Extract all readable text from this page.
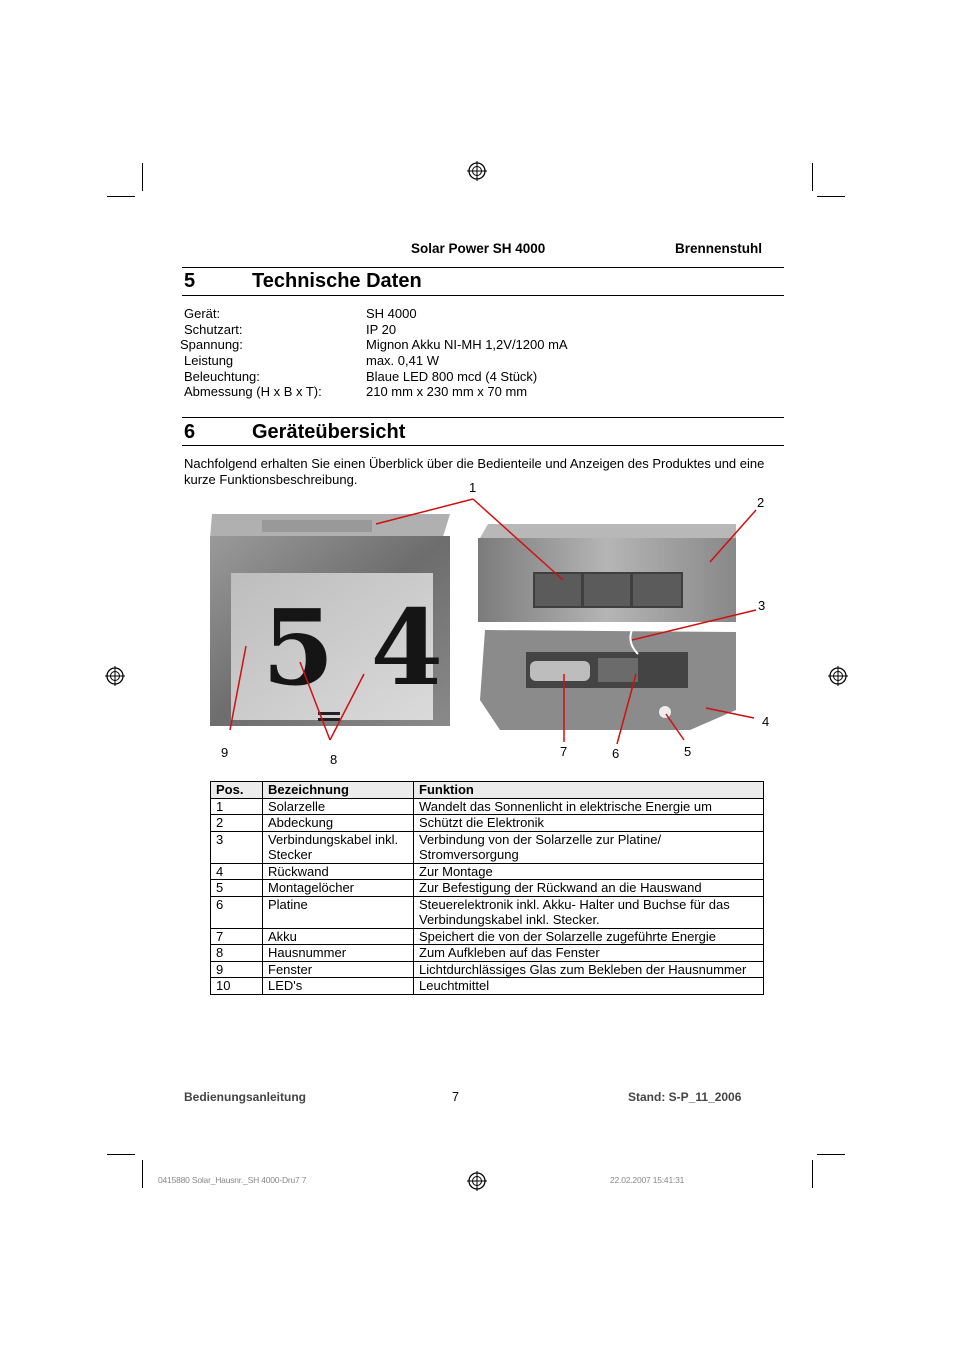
Solar Power SH 4000	Brennenstuhl
5	Technische Daten
Gerät:	SH 4000
Schutzart:	IP 20
Spannung:	Mignon Akku NI-MH 1,2V/1200 mA
Leistung	max. 0,41 W
Beleuchtung:	Blaue LED 800 mcd (4 Stück)
Abmessung (H x B x T):	210 mm x 230 mm x 70 mm
6	Geräteübersicht
Nachfolgend erhalten Sie einen Überblick über die Bedienteile und Anzeigen des Produktes und eine kurze Funktionsbeschreibung.
5 4
1
2
3
4
5
6
7
8
9
Pos.	Bezeichnung	Funktion
1	Solarzelle	Wandelt das Sonnenlicht in elektrische Energie um
2	Abdeckung	Schützt die Elektronik
3	Verbindungskabel inkl. Stecker	Verbindung von der Solarzelle zur Platine/ Stromversorgung
4	Rückwand	Zur Montage
5	Montagelöcher	Zur Befestigung der Rückwand an die Hauswand
6	Platine	Steuerelektronik inkl. Akku- Halter und Buchse für das Verbindungskabel inkl. Stecker.
7	Akku	Speichert die von der Solarzelle zugeführte Energie
8	Hausnummer	Zum Aufkleben auf das Fenster
9	Fenster	Lichtdurchlässiges Glas zum Bekleben der Hausnummer
10	LED's	Leuchtmittel
Bedienungsanleitung	7	Stand: S-P_11_2006
0415880 Solar_Hausnr._SH 4000-Dru7 7	22.02.2007 15:41:31
